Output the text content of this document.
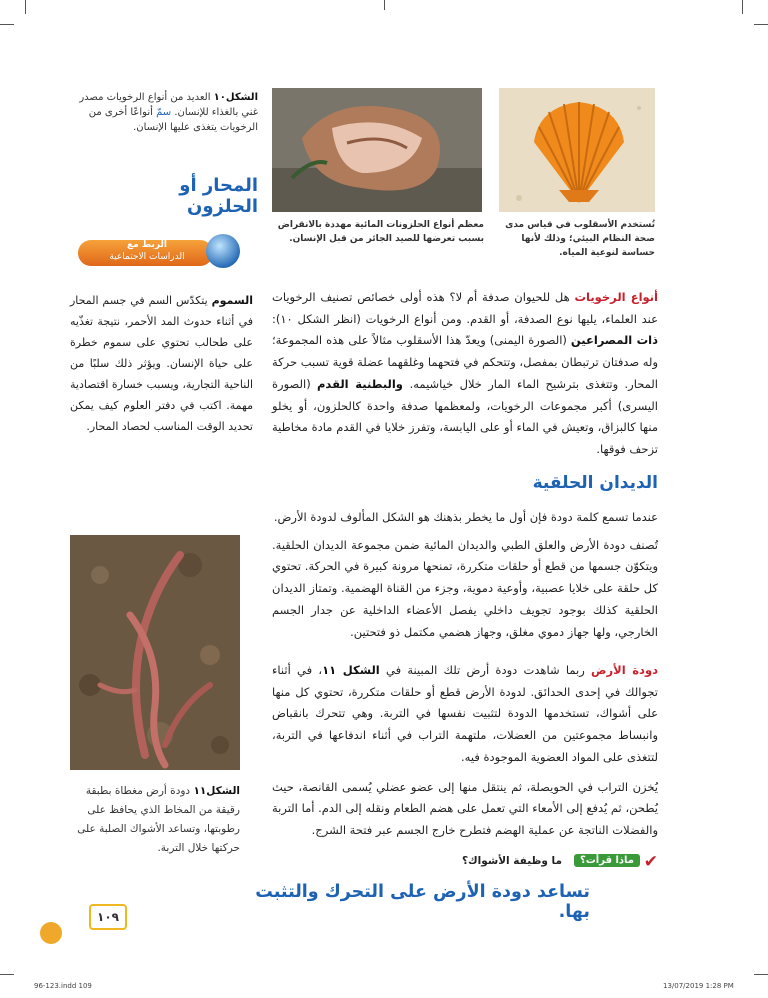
الشكل١٠ العديد من أنواع الرخويات مصدر غني بالغذاء للإنسان. سمّ أنواعًا أخرى من الرخويات يتغذى عليها الإنسان.
المحار أو الحلزون
تُستخدم الأسقلوب في قياس مدى صحة النظام البيئي؛ وذلك لأنها حساسة لنوعية المياه.
معظم أنواع الحلزونات المائية مهددة بالانقراض بسبب تعرضها للصيد الجائر من قبل الإنسان.
الربط مع
الدراسات الاجتماعية
السموم يتكدّس السم في جسم المحار في أثناء حدوث المد الأحمر، نتيجة تغذّيه على طحالب تحتوي على سموم خطرة على حياة الإنسان. ويؤثر ذلك سلبًا من الناحية التجارية، ويسبب خسارة اقتصادية مهمة. اكتب في دفتر العلوم كيف يمكن تحديد الوقت المناسب لحصاد المحار.

أنواع الرخويات هل للحيوان صدفة أم لا؟ هذه أولى خصائص تصنيف الرخويات عند العلماء، يليها نوع الصدفة، أو القدم. ومن أنواع الرخويات (انظر الشكل ١٠): ذات المصراعين (الصورة اليمنى) ويعدّ هذا الأسقلوب مثالاً على هذه المجموعة؛ وله صدفتان ترتبطان بمفصل، وتتحكم في فتحهما وغلقهما عضلة قوية تسبب حركة المحار. وتتغذى بترشيح الماء المار خلال خياشيمه. والبطنية القدم (الصورة اليسرى) أكبر مجموعات الرخويات، ولمعظمها صدفة واحدة كالحلزون، أو يخلو منها كالبزاق، وتعيش في الماء أو على اليابسة، وتفرز خلايا في القدم مادة مخاطية تزحف فوقها.

الديدان الحلقية

عندما تسمع كلمة دودة فإن أول ما يخطر بذهنك هو الشكل المألوف لدودة الأرض.

تُصنف دودة الأرض والعلق الطبي والديدان المائية ضمن مجموعة الديدان الحلقية. ويتكوّن جسمها من قطع أو حلقات متكررة، تمنحها مرونة كبيرة في الحركة. تحتوي كل حلقة على خلايا عصبية، وأوعية دموية، وجزء من القناة الهضمية. وتمتاز الديدان الحلقية كذلك بوجود تجويف داخلي يفصل الأعضاء الداخلية عن جدار الجسم الخارجي، ولها جهاز دموي مغلق، وجهاز هضمي مكتمل ذو فتحتين.

دودة الأرض ربما شاهدت دودة أرض تلك المبينة في الشكل ١١، في أثناء تجوالك في إحدى الحدائق. لدودة الأرض قطع أو حلقات متكررة، تحتوي كل منها على أشواك، تستخدمها الدودة لتثبيت نفسها في التربة. وهي تتحرك بانقباض وانبساط مجموعتين من العضلات، ملتهمة التراب في أثناء اندفاعها في التربة، لتتغذى على المواد العضوية الموجودة فيه.

يُخزن التراب في الحويصلة، ثم ينتقل منها إلى عضو عضلي يُسمى القانصة، حيث يُطحن، ثم يُدفع إلى الأمعاء التي تعمل على هضم الطعام ونقله إلى الدم. أما التربة والفضلات الناتجة عن عملية الهضم فتطرح خارج الجسم عبر فتحة الشرج.

✔
ماذا قرأت؟
ما وظيفة الأشواك؟
تساعد دودة الأرض على التحرك والتثبت بها.
الشكل١١ دودة أرض مغطاة بطبقة رقيقة من المخاط الذي يحافظ على رطوبتها، وتساعد الأشواك الصلبة على حركتها خلال التربة.
١٠٩
96-123.indd 109	13/07/2019 1:28 PM
